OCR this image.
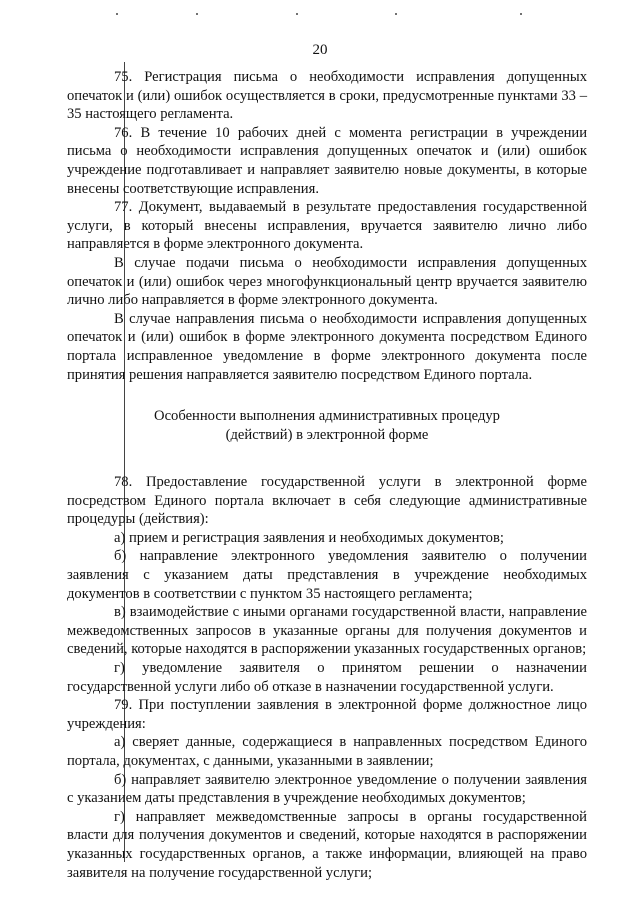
20

75. Регистрация письма о необходимости исправления допущенных опечаток и (или) ошибок осуществляется в сроки, предусмотренные пунктами 33 – 35 настоящего регламента.

76. В течение 10 рабочих дней с момента регистрации в учреждении письма о необходимости исправления допущенных опечаток и (или) ошибок учреждение подготавливает и направляет заявителю новые документы, в которые внесены соответствующие исправления.

77. Документ, выдаваемый в результате предоставления государственной услуги, в который внесены исправления, вручается заявителю лично либо направляется в форме электронного документа.

В случае подачи письма о необходимости исправления допущенных опечаток и (или) ошибок через многофункциональный центр вручается заявителю лично либо направляется в форме электронного документа.

В случае направления письма о необходимости исправления допущенных опечаток и (или) ошибок в форме электронного документа посредством Единого портала исправленное уведомление в форме электронного документа после принятия решения направляется заявителю посредством Единого портала.

Особенности выполнения административных процедур
(действий) в электронной форме

78. Предоставление государственной услуги в электронной форме посредством Единого портала включает в себя следующие административные процедуры (действия):

а) прием и регистрация заявления и необходимых документов;

б) направление электронного уведомления заявителю о получении заявления с указанием даты представления в учреждение необходимых документов в соответствии с пунктом 35 настоящего регламента;

в) взаимодействие с иными органами государственной власти, направление межведомственных запросов в указанные органы для получения документов и сведений, которые находятся в распоряжении указанных государственных органов;

г) уведомление заявителя о принятом решении о назначении государственной услуги либо об отказе в назначении государственной услуги.

79. При поступлении заявления в электронной форме должностное лицо учреждения:

а) сверяет данные, содержащиеся в направленных посредством Единого портала, документах, с данными, указанными в заявлении;

б) направляет заявителю электронное уведомление о получении заявления с указанием даты представления в учреждение необходимых документов;

г) направляет межведомственные запросы в органы государственной власти для получения документов и сведений, которые находятся в распоряжении указанных государственных органов, а также информации, влияющей на право заявителя на получение государственной услуги;
